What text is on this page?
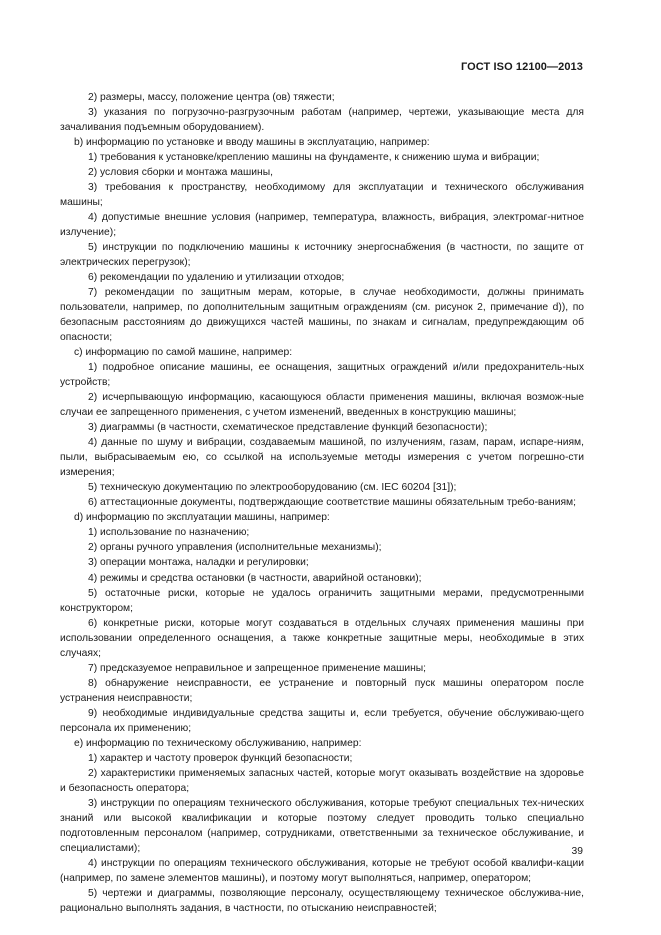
ГОСТ ISO 12100—2013

2) размеры, массу, положение центра (ов) тяжести;

3) указания по погрузочно-разгрузочным работам (например, чертежи, указывающие места для зачаливания подъемным оборудованием).

b) информацию по установке и вводу машины в эксплуатацию, например:

1) требования к установке/креплению машины на фундаменте, к снижению шума и вибрации;

2) условия сборки и монтажа машины,

3) требования к пространству, необходимому для эксплуатации и технического обслуживания машины;

4) допустимые внешние условия (например, температура, влажность, вибрация, электромаг-нитное излучение);

5) инструкции по подключению машины к источнику энергоснабжения (в частности, по защите от электрических перегрузок);

6) рекомендации по удалению и утилизации отходов;

7) рекомендации по защитным мерам, которые, в случае необходимости, должны принимать пользователи, например, по дополнительным защитным ограждениям (см. рисунок 2, примечание d)), по безопасным расстояниям до движущихся частей машины, по знакам и сигналам, предупреждающим об опасности;

c) информацию по самой машине, например:

1) подробное описание машины, ее оснащения, защитных ограждений и/или предохранитель-ных устройств;

2) исчерпывающую информацию, касающуюся области применения машины, включая возмож-ные случаи ее запрещенного применения, с учетом изменений, введенных в конструкцию машины;

3) диаграммы (в частности, схематическое представление функций безопасности);

4) данные по шуму и вибрации, создаваемым машиной, по излучениям, газам, парам, испаре-ниям, пыли, выбрасываемым ею, со ссылкой на используемые методы измерения с учетом погрешно-сти измерения;

5) техническую документацию по электрооборудованию (см. IEC 60204 [31]);

6) аттестационные документы, подтверждающие соответствие машины обязательным требо-ваниям;

d) информацию по эксплуатации машины, например:

1) использование по назначению;

2) органы ручного управления (исполнительные механизмы);

3) операции монтажа, наладки и регулировки;

4) режимы и средства остановки (в частности, аварийной остановки);

5) остаточные риски, которые не удалось ограничить защитными мерами, предусмотренными конструктором;

6) конкретные риски, которые могут создаваться в отдельных случаях применения машины при использовании определенного оснащения, а также конкретные защитные меры, необходимые в этих случаях;

7) предсказуемое неправильное и запрещенное применение машины;

8) обнаружение неисправности, ее устранение и повторный пуск машины оператором после устранения неисправности;

9) необходимые индивидуальные средства защиты и, если требуется, обучение обслуживаю-щего персонала их применению;

e) информацию по техническому обслуживанию, например:

1) характер и частоту проверок функций безопасности;

2) характеристики применяемых запасных частей, которые могут оказывать воздействие на здоровье и безопасность оператора;

3) инструкции по операциям технического обслуживания, которые требуют специальных тех-нических знаний или высокой квалификации и которые поэтому следует проводить только специально подготовленным персоналом (например, сотрудниками, ответственными за техническое обслуживание, и специалистами);

4) инструкции по операциям технического обслуживания, которые не требуют особой квалифи-кации (например, по замене элементов машины), и поэтому могут выполняться, например, оператором;

5) чертежи и диаграммы, позволяющие персоналу, осуществляющему техническое обслужива-ние, рационально выполнять задания, в частности, по отысканию неисправностей;

39
